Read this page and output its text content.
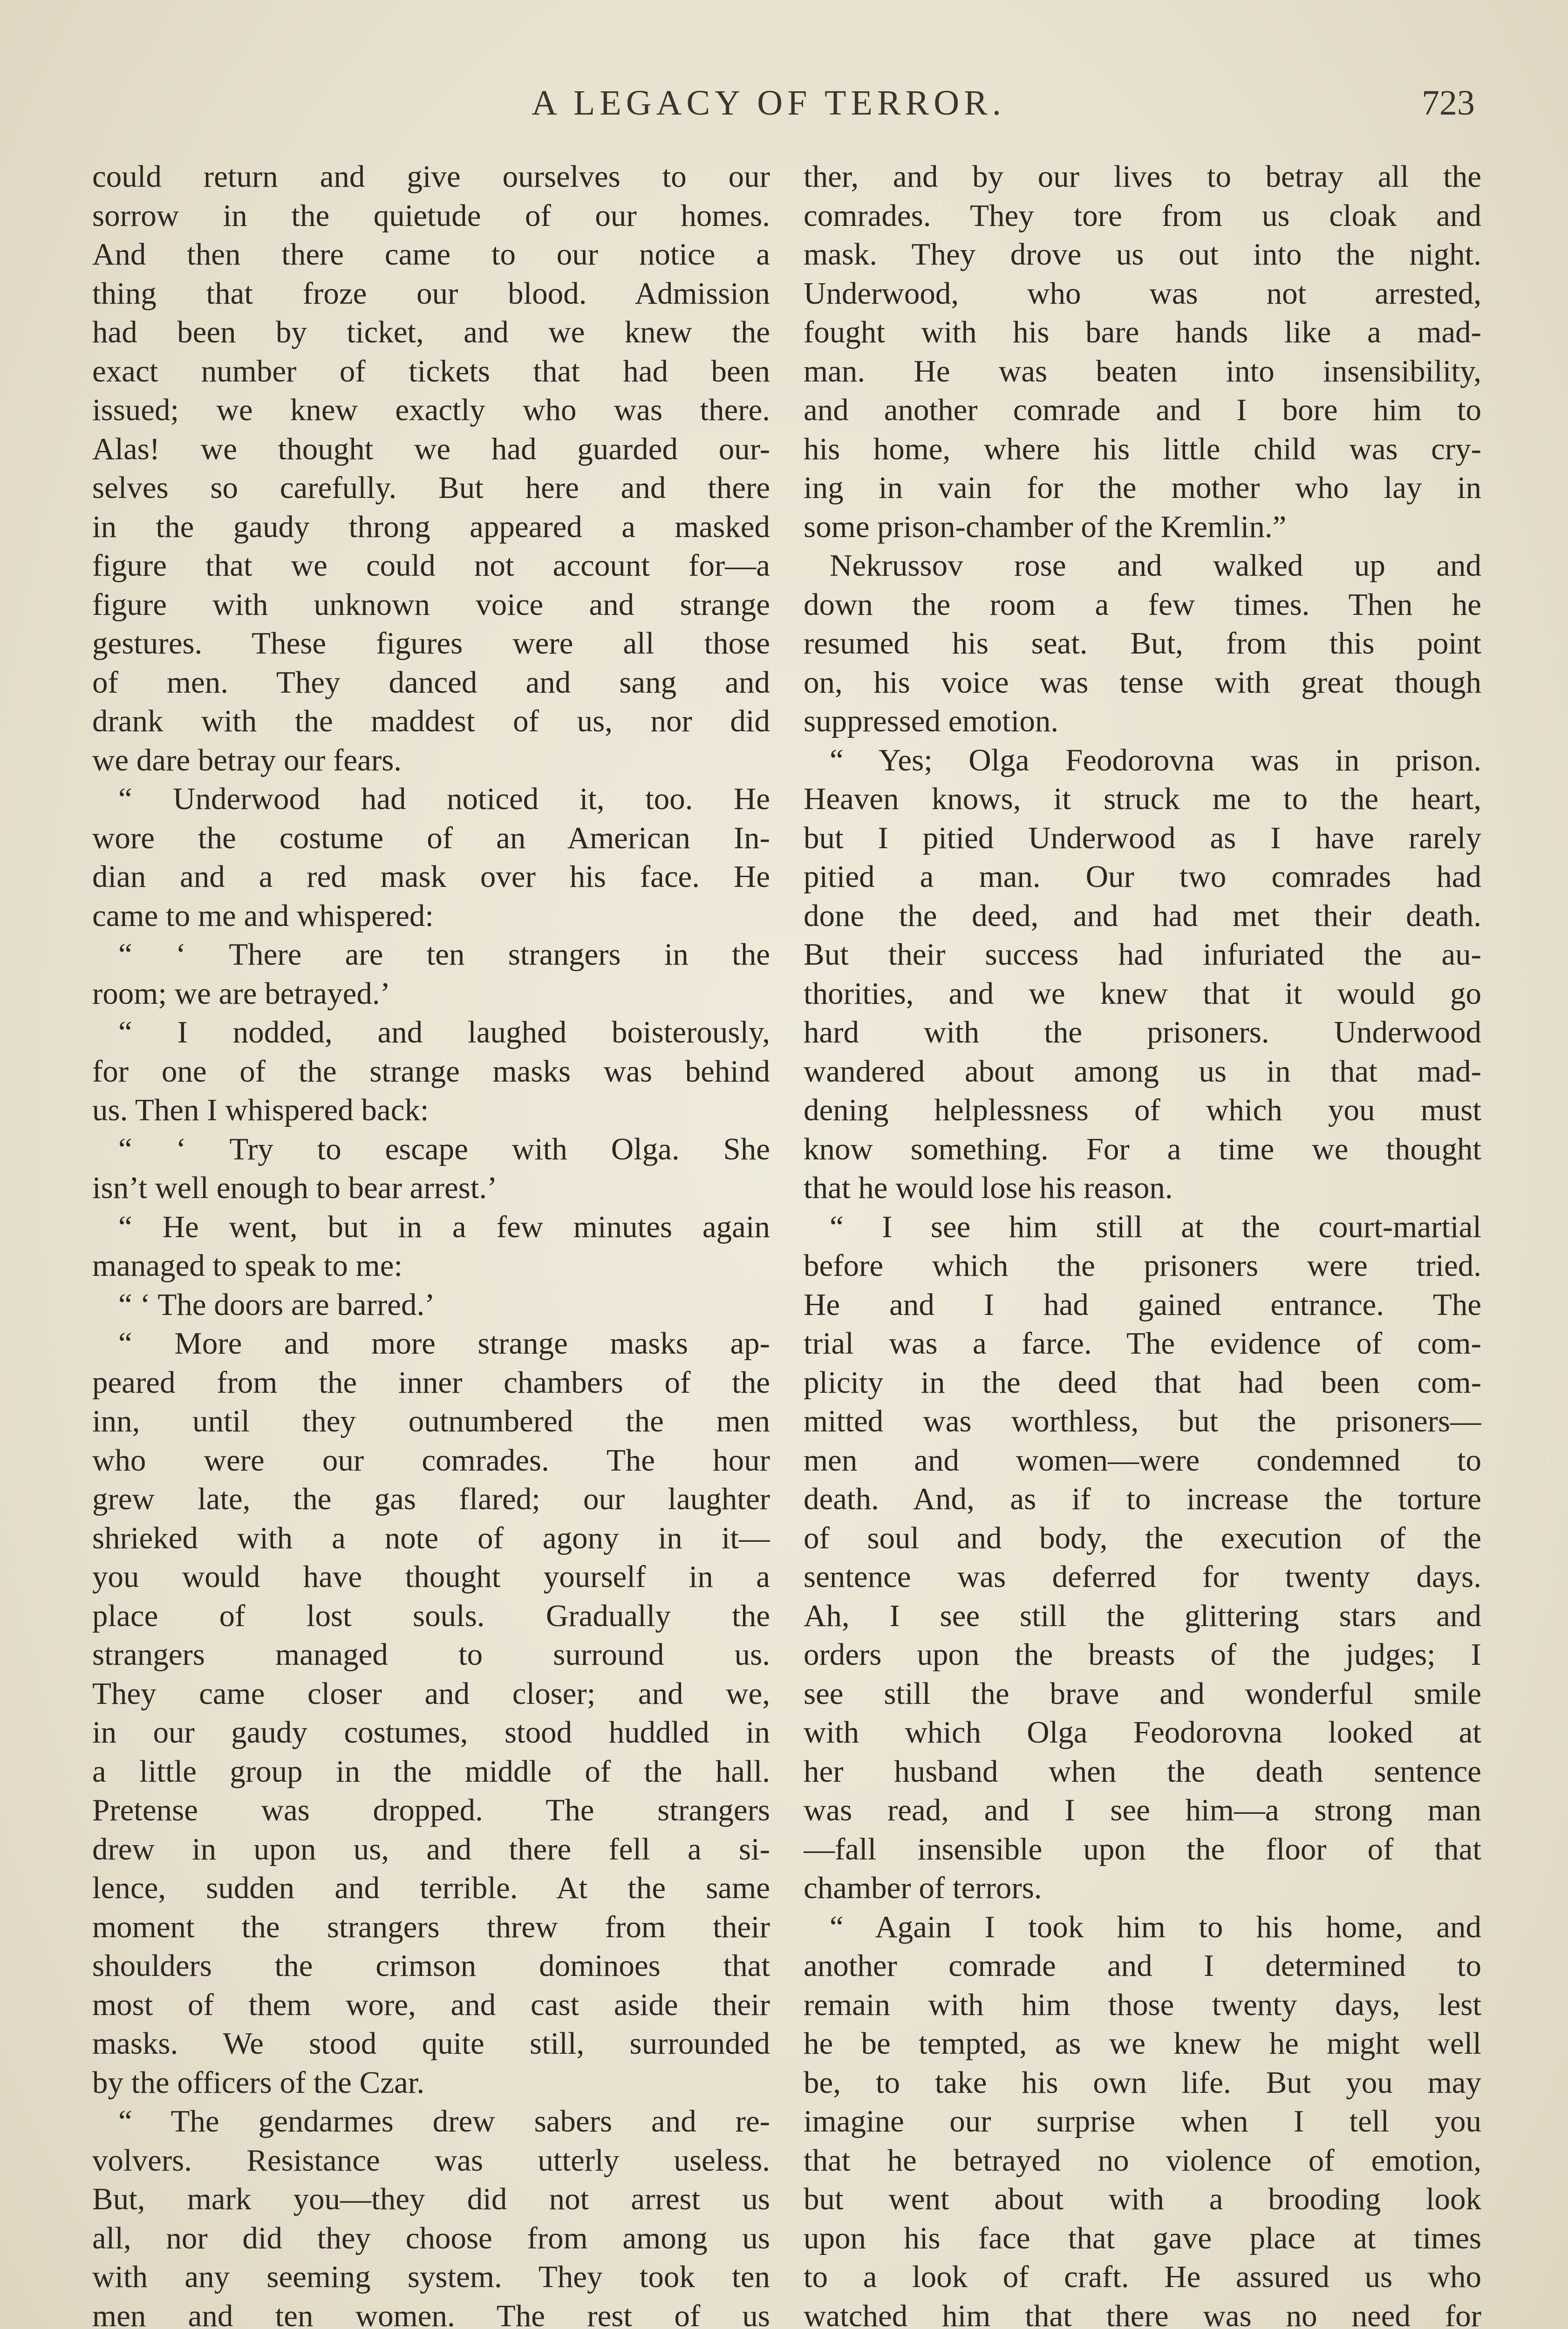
A LEGACY OF TERROR.	723
could return and give ourselves to our
sorrow in the quietude of our homes.
And then there came to our notice a
thing that froze our blood. Admission
had been by ticket, and we knew the
exact number of tickets that had been
issued; we knew exactly who was there.
Alas! we thought we had guarded our-
selves so carefully. But here and there
in the gaudy throng appeared a masked
figure that we could not account for—a
figure with unknown voice and strange
gestures. These figures were all those
of men. They danced and sang and
drank with the maddest of us, nor did
we dare betray our fears.
“ Underwood had noticed it, too. He
wore the costume of an American In-
dian and a red mask over his face. He
came to me and whispered:
“ ‘ There are ten strangers in the
room; we are betrayed.’
“ I nodded, and laughed boisterously,
for one of the strange masks was behind
us. Then I whispered back:
“ ‘ Try to escape with Olga. She
isn’t well enough to bear arrest.’
“ He went, but in a few minutes again
managed to speak to me:
“ ‘ The doors are barred.’
“ More and more strange masks ap-
peared from the inner chambers of the
inn, until they outnumbered the men
who were our comrades. The hour
grew late, the gas flared; our laughter
shrieked with a note of agony in it—
you would have thought yourself in a
place of lost souls. Gradually the
strangers managed to surround us.
They came closer and closer; and we,
in our gaudy costumes, stood huddled in
a little group in the middle of the hall.
Pretense was dropped. The strangers
drew in upon us, and there fell a si-
lence, sudden and terrible. At the same
moment the strangers threw from their
shoulders the crimson dominoes that
most of them wore, and cast aside their
masks. We stood quite still, surrounded
by the officers of the Czar.
“ The gendarmes drew sabers and re-
volvers. Resistance was utterly useless.
But, mark you—they did not arrest us
all, nor did they choose from among us
with any seeming system. They took ten
men and ten women. The rest of us
ther, and by our lives to betray all the
comrades. They tore from us cloak and
mask. They drove us out into the night.
Underwood, who was not arrested,
fought with his bare hands like a mad-
man. He was beaten into insensibility,
and another comrade and I bore him to
his home, where his little child was cry-
ing in vain for the mother who lay in
some prison-chamber of the Kremlin.”
Nekrussov rose and walked up and
down the room a few times. Then he
resumed his seat. But, from this point
on, his voice was tense with great though
suppressed emotion.
“ Yes; Olga Feodorovna was in prison.
Heaven knows, it struck me to the heart,
but I pitied Underwood as I have rarely
pitied a man. Our two comrades had
done the deed, and had met their death.
But their success had infuriated the au-
thorities, and we knew that it would go
hard with the prisoners. Underwood
wandered about among us in that mad-
dening helplessness of which you must
know something. For a time we thought
that he would lose his reason.
“ I see him still at the court-martial
before which the prisoners were tried.
He and I had gained entrance. The
trial was a farce. The evidence of com-
plicity in the deed that had been com-
mitted was worthless, but the prisoners—
men and women—were condemned to
death. And, as if to increase the torture
of soul and body, the execution of the
sentence was deferred for twenty days.
Ah, I see still the glittering stars and
orders upon the breasts of the judges; I
see still the brave and wonderful smile
with which Olga Feodorovna looked at
her husband when the death sentence
was read, and I see him—a strong man
—fall insensible upon the floor of that
chamber of terrors.
“ Again I took him to his home, and
another comrade and I determined to
remain with him those twenty days, lest
he be tempted, as we knew he might well
be, to take his own life. But you may
imagine our surprise when I tell you
that he betrayed no violence of emotion,
but went about with a brooding look
upon his face that gave place at times
to a look of craft. He assured us who
watched him that there was no need for
